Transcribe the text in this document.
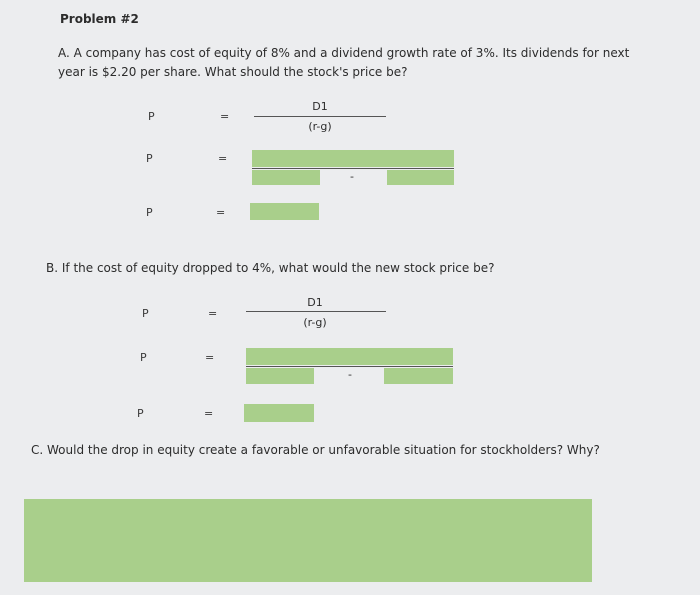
Problem #2
A. A company has cost of equity of 8% and a dividend growth rate of 3%. Its dividends for next year is $2.20 per share. What should the stock's price be?
P	=
D1
(r-g)
P	=
-
P	=
B. If the cost of equity dropped to 4%, what would the new stock price be?
P	=
D1
(r-g)
P	=
-
P	=
C. Would the drop in equity create a favorable or unfavorable situation for stockholders? Why?
